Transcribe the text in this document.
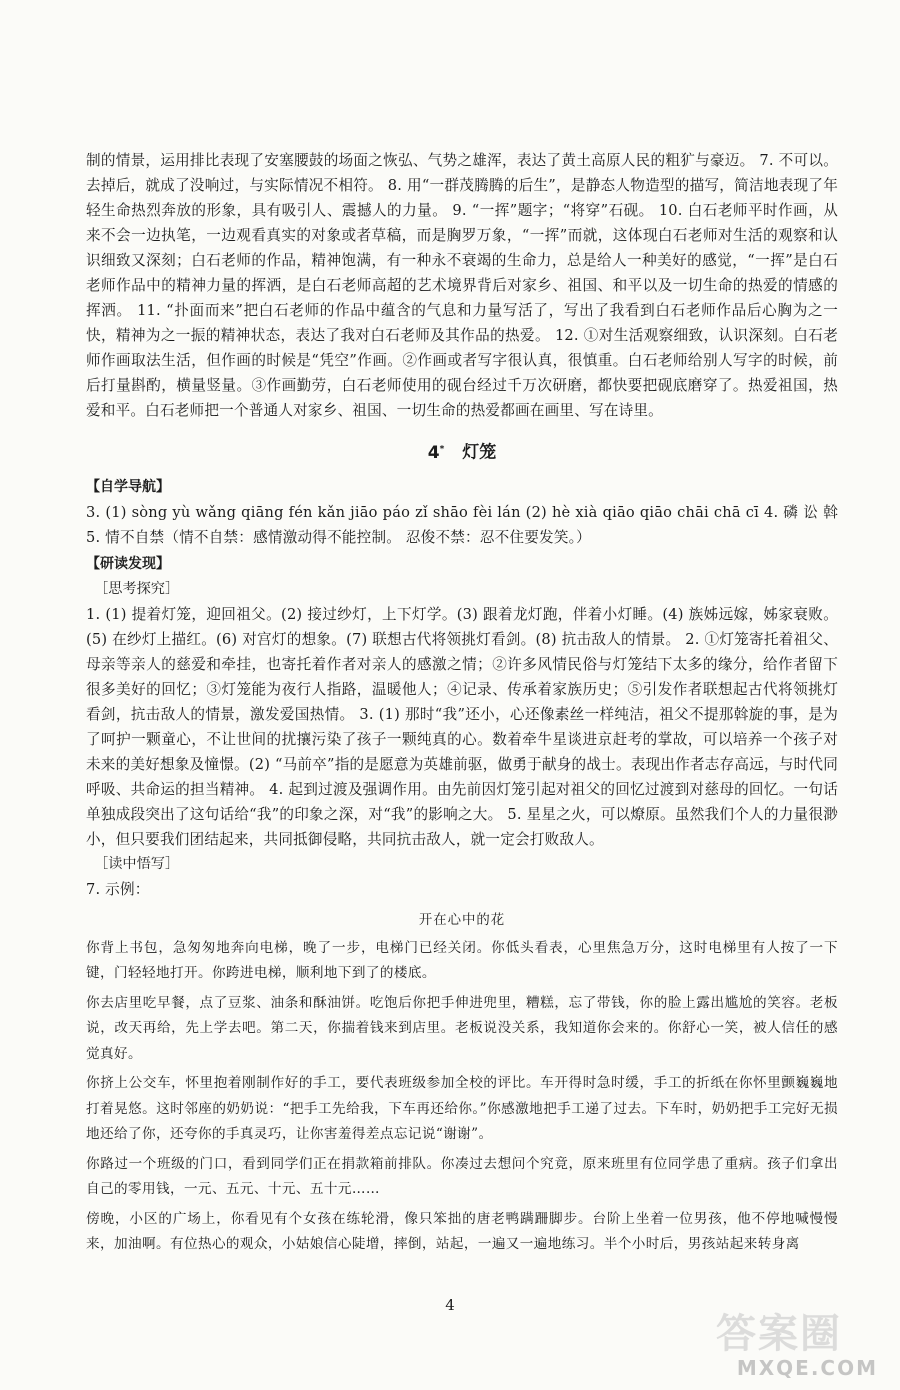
制的情景，运用排比表现了安塞腰鼓的场面之恢弘、气势之雄浑，表达了黄土高原人民的粗犷与豪迈。 7. 不可以。去掉后，就成了没响过，与实际情况不相符。 8. 用“一群茂腾腾的后生”，是静态人物造型的描写，简洁地表现了年轻生命热烈奔放的形象，具有吸引人、震撼人的力量。 9. “一挥”题字；“将穿”石砚。 10. 白石老师平时作画，从来不会一边执笔，一边观看真实的对象或者草稿，而是胸罗万象，“一挥”而就，这体现白石老师对生活的观察和认识细致又深刻；白石老师的作品，精神饱满，有一种永不衰竭的生命力，总是给人一种美好的感觉，“一挥”是白石老师作品中的精神力量的挥洒，是白石老师高超的艺术境界背后对家乡、祖国、和平以及一切生命的热爱的情感的挥洒。 11. “扑面而来”把白石老师的作品中蕴含的气息和力量写活了，写出了我看到白石老师作品后心胸为之一快，精神为之一振的精神状态，表达了我对白石老师及其作品的热爱。 12. ①对生活观察细致，认识深刻。白石老师作画取法生活，但作画的时候是“凭空”作画。②作画或者写字很认真，很慎重。白石老师给别人写字的时候，前后打量斟酌，横量竖量。③作画勤劳，白石老师使用的砚台经过千万次研磨，都快要把砚底磨穿了。热爱祖国，热爱和平。白石老师把一个普通人对家乡、祖国、一切生命的热爱都画在画里、写在诗里。

4* 灯笼
【自学导航】

3. (1) sòng yù wǎng qiāng fén kǎn jiāo páo zǐ shāo fèi lán (2) hè xià qiāo qiāo chāi chā cī 4. 磷 讼 斡 5. 情不自禁（情不自禁：感情激动得不能控制。 忍俊不禁：忍不住要发笑。）

【研读发现】
［思考探究］

1. (1) 提着灯笼，迎回祖父。(2) 接过纱灯，上下灯学。(3) 跟着龙灯跑，伴着小灯睡。(4) 族姊远嫁，姊家衰败。(5) 在纱灯上描红。(6) 对宫灯的想象。(7) 联想古代将领挑灯看剑。(8) 抗击敌人的情景。 2. ①灯笼寄托着祖父、母亲等亲人的慈爱和牵挂，也寄托着作者对亲人的感激之情；②许多风情民俗与灯笼结下太多的缘分，给作者留下很多美好的回忆；③灯笼能为夜行人指路，温暖他人；④记录、传承着家族历史；⑤引发作者联想起古代将领挑灯看剑，抗击敌人的情景，激发爱国热情。 3. (1) 那时“我”还小，心还像素丝一样纯洁，祖父不提那斡旋的事，是为了呵护一颗童心，不让世间的扰攘污染了孩子一颗纯真的心。数着牵牛星谈进京赶考的掌故，可以培养一个孩子对未来的美好想象及憧憬。(2) “马前卒”指的是愿意为英雄前驱，做勇于献身的战士。表现出作者志存高远，与时代同呼吸、共命运的担当精神。 4. 起到过渡及强调作用。由先前因灯笼引起对祖父的回忆过渡到对慈母的回忆。一句话单独成段突出了这句话给“我”的印象之深，对“我”的影响之大。 5. 星星之火，可以燎原。虽然我们个人的力量很渺小，但只要我们团结起来，共同抵御侵略，共同抗击敌人，就一定会打败敌人。

［读中悟写］

7. 示例：

开在心中的花

你背上书包，急匆匆地奔向电梯，晚了一步，电梯门已经关闭。你低头看表，心里焦急万分，这时电梯里有人按了一下键，门轻轻地打开。你跨进电梯，顺利地下到了的楼底。

你去店里吃早餐，点了豆浆、油条和酥油饼。吃饱后你把手伸进兜里，糟糕，忘了带钱，你的脸上露出尴尬的笑容。老板说，改天再给，先上学去吧。第二天，你揣着钱来到店里。老板说没关系，我知道你会来的。你舒心一笑，被人信任的感觉真好。

你挤上公交车，怀里抱着刚制作好的手工，要代表班级参加全校的评比。车开得时急时缓，手工的折纸在你怀里颤巍巍地打着晃悠。这时邻座的奶奶说：“把手工先给我，下车再还给你。”你感激地把手工递了过去。下车时，奶奶把手工完好无损地还给了你，还夸你的手真灵巧，让你害羞得差点忘记说“谢谢”。

你路过一个班级的门口，看到同学们正在捐款箱前排队。你凑过去想问个究竟，原来班里有位同学患了重病。孩子们拿出自己的零用钱，一元、五元、十元、五十元……

傍晚，小区的广场上，你看见有个女孩在练轮滑，像只笨拙的唐老鸭蹒跚脚步。台阶上坐着一位男孩，他不停地喊慢慢来，加油啊。有位热心的观众，小姑娘信心陡增，摔倒，站起，一遍又一遍地练习。半个小时后，男孩站起来转身离

4
答案圈
MXQE.COM
